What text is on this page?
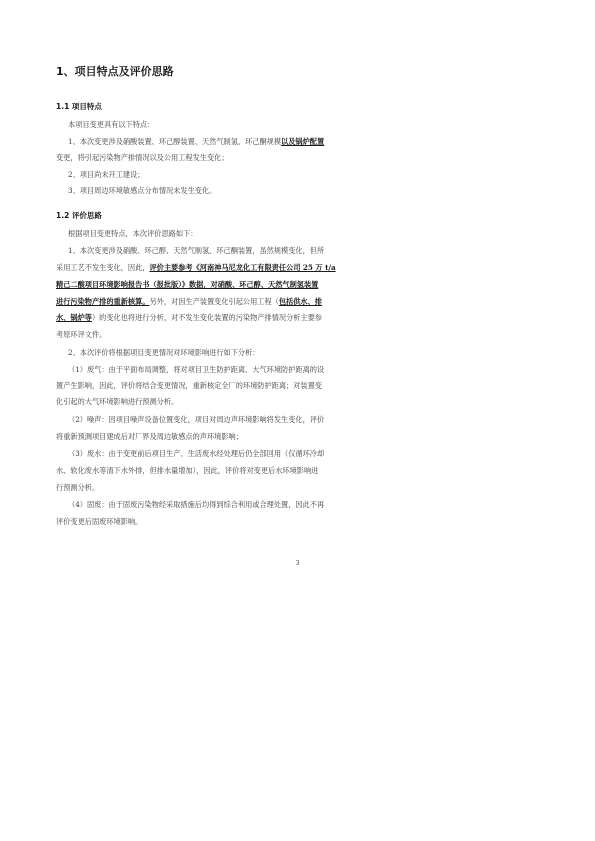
1、项目特点及评价思路
1.1 项目特点
本项目变更具有以下特点：
1、本次变更涉及硝酸装置、环己醇装置、天然气制氢、环己酮规模以及锅炉配置
变更，将引起污染物产排情况以及公用工程发生变化；
2、项目尚未开工建设；
3、项目周边环境敏感点分布情况未发生变化。
1.2 评价思路
根据项目变更特点，本次评价思路如下：
1、本次变更涉及硝酸、环己醇、天然气制氢、环己酮装置，虽然规模变化，但所
采用工艺不发生变化，因此，评价主要参考《河南神马尼龙化工有限责任公司 25 万 t/a
精己二酸项目环境影响报告书（报批版）》数据，对硝酸、环己醇、天然气制氢装置
进行污染物产排的重新核算。另外，对因生产装置变化引起公用工程（包括供水、排
水、锅炉等）的变化也将进行分析，对不发生变化装置的污染物产排情况分析主要参
考原环评文件。
2、本次评价将根据项目变更情况对环境影响进行如下分析：
（1）废气：由于平面布局调整，将对项目卫生防护距离、大气环境防护距离的设
置产生影响，因此，评价将结合变更情况，重新核定全厂的环境防护距离；对装置变
化引起的大气环境影响进行预测分析。
（2）噪声：因项目噪声设备位置变化，项目对周边声环境影响将发生变化，评价
将重新预测项目建成后对厂界及周边敏感点的声环境影响；
（3）废水：由于变更前后项目生产、生活废水经处理后仍全部回用（仅循环冷却
水、软化废水等清下水外排，但排水量增加），因此，评价将对变更后水环境影响进
行预测分析。
（4）固废：由于固废污染物经采取措施后均得到综合利用或合理处置，因此不再
评价变更后固废环境影响。
3
